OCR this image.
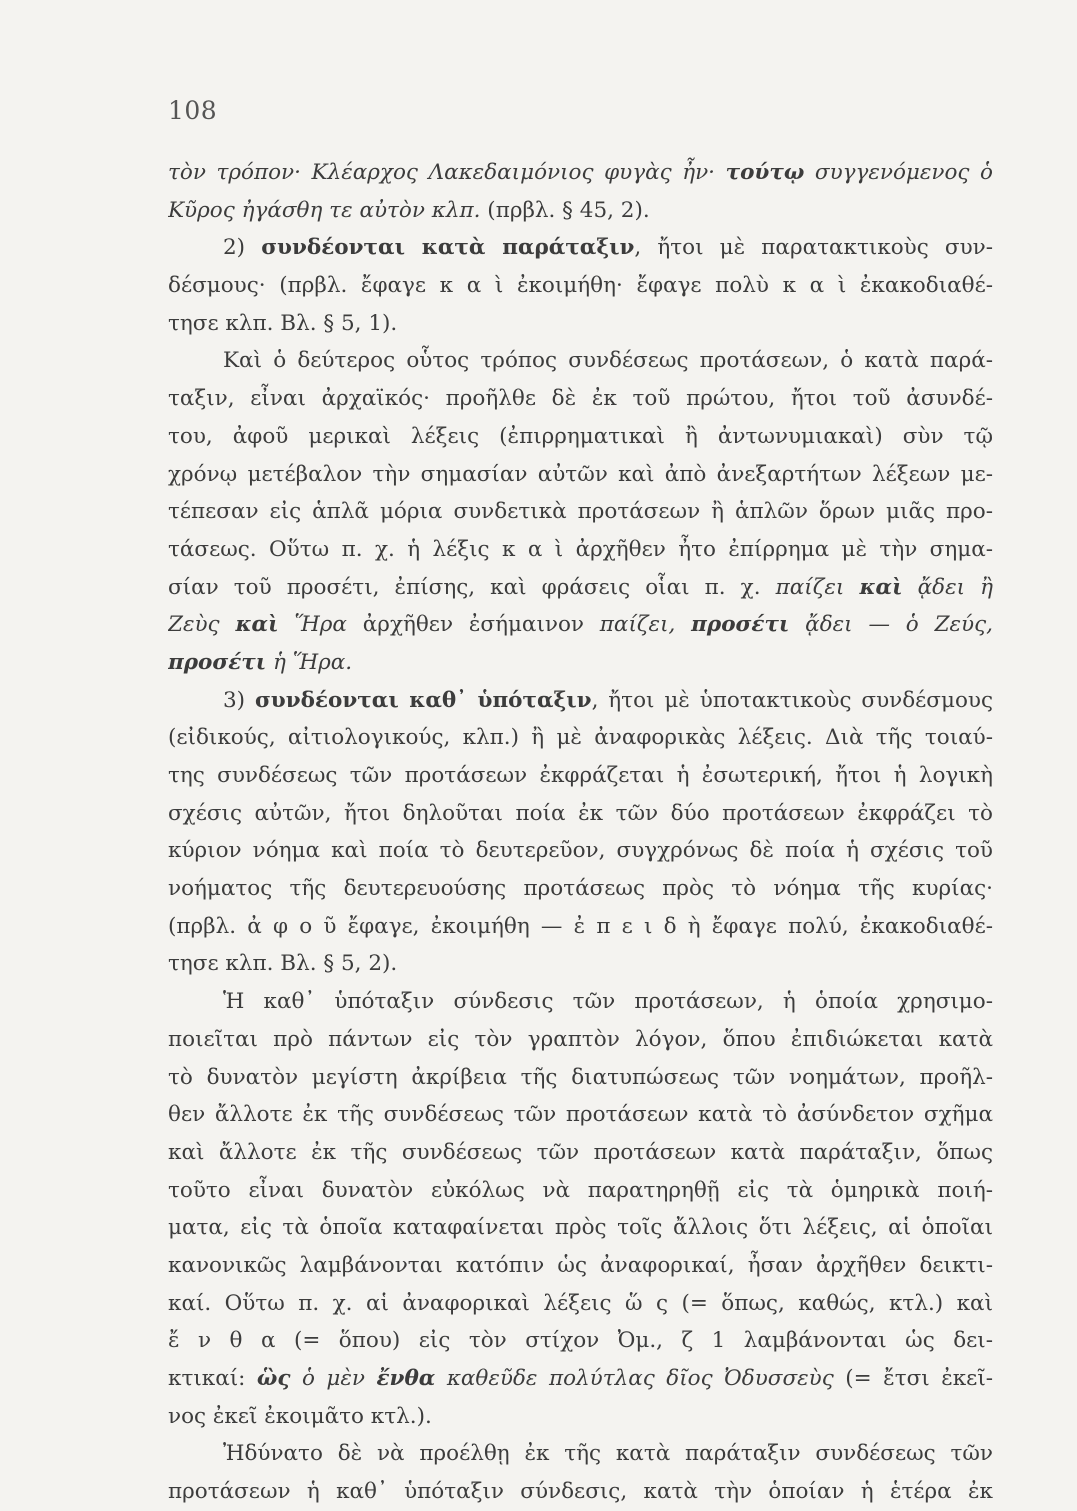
108
τὸν τρόπον· Κλέαρχος Λακεδαιμόνιος φυγὰς ἦν· τούτῳ συγγενόμενος ὁ
Κῦρος ἠγάσθη τε αὐτὸν κλπ. (πρβλ. § 45, 2).
2) συνδέονται κατὰ παράταξιν, ἤτοι μὲ παρατακτικοὺς συν-
δέσμους· (πρβλ. ἔφαγε κ α ὶ ἐκοιμήθη· ἔφαγε πολὺ κ α ὶ ἐκακοδιαθέ-
τησε κλπ. Βλ. § 5, 1).
Καὶ ὁ δεύτερος οὗτος τρόπος συνδέσεως προτάσεων, ὁ κατὰ παρά-
ταξιν, εἶναι ἀρχαϊκός· προῆλθε δὲ ἐκ τοῦ πρώτου, ἤτοι τοῦ ἀσυνδέ-
του, ἀφοῦ μερικαὶ λέξεις (ἐπιρρηματικαὶ ἢ ἀντωνυμιακαὶ) σὺν τῷ
χρόνῳ μετέβαλον τὴν σημασίαν αὐτῶν καὶ ἀπὸ ἀνεξαρτήτων λέξεων με-
τέπεσαν εἰς ἁπλᾶ μόρια συνδετικὰ προτάσεων ἢ ἁπλῶν ὅρων μιᾶς προ-
τάσεως. Οὕτω π. χ. ἡ λέξις κ α ὶ ἀρχῆθεν ἦτο ἐπίρρημα μὲ τὴν σημα-
σίαν τοῦ προσέτι, ἐπίσης, καὶ φράσεις οἷαι π. χ. παίζει καὶ ᾄδει ἢ
Ζεὺς καὶ Ἥρα ἀρχῆθεν ἐσήμαινον παίζει, προσέτι ᾄδει — ὁ Ζεύς,
προσέτι ἡ Ἥρα.
3) συνδέονται καθ᾽ ὑπόταξιν, ἤτοι μὲ ὑποτακτικοὺς συνδέσμους
(εἰδικούς, αἰτιολογικούς, κλπ.) ἢ μὲ ἀναφορικὰς λέξεις. Διὰ τῆς τοιαύ-
της συνδέσεως τῶν προτάσεων ἐκφράζεται ἡ ἐσωτερική, ἤτοι ἡ λογικὴ
σχέσις αὐτῶν, ἤτοι δηλοῦται ποία ἐκ τῶν δύο προτάσεων ἐκφράζει τὸ
κύριον νόημα καὶ ποία τὸ δευτερεῦον, συγχρόνως δὲ ποία ἡ σχέσις τοῦ
νοήματος τῆς δευτερευούσης προτάσεως πρὸς τὸ νόημα τῆς κυρίας·
(πρβλ. ἀ φ ο ῦ ἔφαγε, ἐκοιμήθη — ἐ π ε ι δ ὴ ἔφαγε πολύ, ἐκακοδιαθέ-
τησε κλπ. Βλ. § 5, 2).
Ἡ καθ᾽ ὑπόταξιν σύνδεσις τῶν προτάσεων, ἡ ὁποία χρησιμο-
ποιεῖται πρὸ πάντων εἰς τὸν γραπτὸν λόγον, ὅπου ἐπιδιώκεται κατὰ
τὸ δυνατὸν μεγίστη ἀκρίβεια τῆς διατυπώσεως τῶν νοημάτων, προῆλ-
θεν ἄλλοτε ἐκ τῆς συνδέσεως τῶν προτάσεων κατὰ τὸ ἀσύνδετον σχῆμα
καὶ ἄλλοτε ἐκ τῆς συνδέσεως τῶν προτάσεων κατὰ παράταξιν, ὅπως
τοῦτο εἶναι δυνατὸν εὐκόλως νὰ παρατηρηθῇ εἰς τὰ ὁμηρικὰ ποιή-
ματα, εἰς τὰ ὁποῖα καταφαίνεται πρὸς τοῖς ἄλλοις ὅτι λέξεις, αἱ ὁποῖαι
κανονικῶς λαμβάνονται κατόπιν ὡς ἀναφορικαί, ἦσαν ἀρχῆθεν δεικτι-
καί. Οὕτω π. χ. αἱ ἀναφορικαὶ λέξεις ὥ ς (= ὅπως, καθώς, κτλ.) καὶ
ἔ ν θ α (= ὅπου) εἰς τὸν στίχον Ὀμ., ζ 1 λαμβάνονται ὡς δει-
κτικαί: ὣς ὁ μὲν ἔνθα καθεῦδε πολύτλας δῖος Ὀδυσσεὺς (= ἔτσι ἐκεῖ-
νος ἐκεῖ ἐκοιμᾶτο κτλ.).
Ἠδύνατο δὲ νὰ προέλθῃ ἐκ τῆς κατὰ παράταξιν συνδέσεως τῶν
προτάσεων ἡ καθ᾽ ὑπόταξιν σύνδεσις, κατὰ τὴν ὁποίαν ἡ ἑτέρα ἐκ
